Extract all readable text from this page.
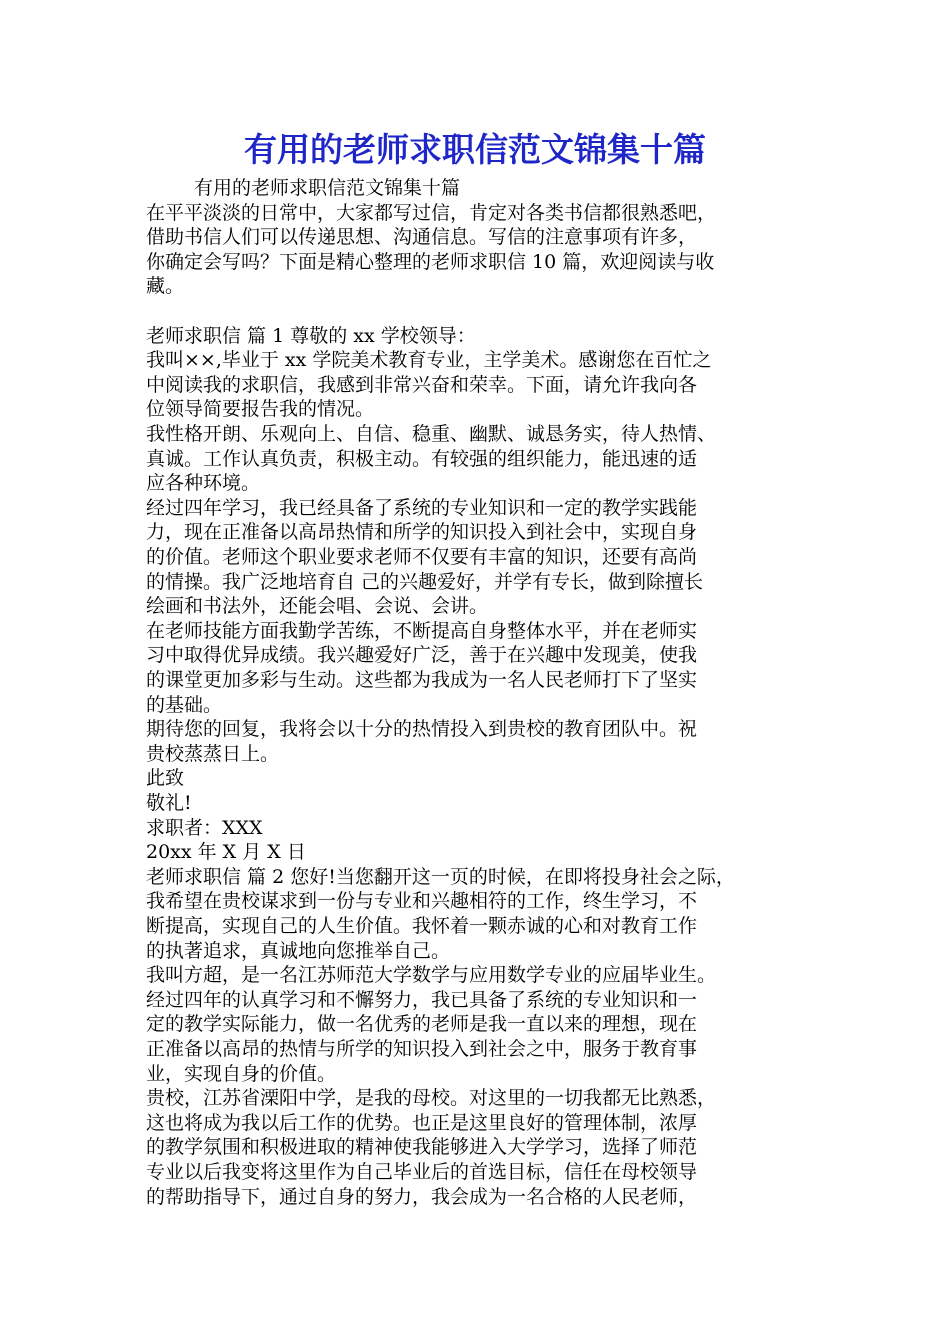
有用的老师求职信范文锦集十篇

有用的老师求职信范文锦集十篇

在平平淡淡的日常中，大家都写过信，肯定对各类书信都很熟悉吧，

借助书信人们可以传递思想、沟通信息。写信的注意事项有许多，

你确定会写吗？下面是精心整理的老师求职信 10 篇，欢迎阅读与收

藏。

老师求职信 篇 1 尊敬的 xx 学校领导：

我叫××,毕业于 xx 学院美术教育专业，主学美术。感谢您在百忙之

中阅读我的求职信，我感到非常兴奋和荣幸。下面，请允许我向各

位领导简要报告我的情况。

我性格开朗、乐观向上、自信、稳重、幽默、诚恳务实，待人热情、

真诚。工作认真负责，积极主动。有较强的组织能力，能迅速的适

应各种环境。

经过四年学习，我已经具备了系统的专业知识和一定的教学实践能

力，现在正准备以高昂热情和所学的知识投入到社会中，实现自身

的价值。老师这个职业要求老师不仅要有丰富的知识，还要有高尚

的情操。我广泛地培育自 己的兴趣爱好，并学有专长，做到除擅长

绘画和书法外，还能会唱、会说、会讲。

在老师技能方面我勤学苦练，不断提高自身整体水平，并在老师实

习中取得优异成绩。我兴趣爱好广泛，善于在兴趣中发现美，使我

的课堂更加多彩与生动。这些都为我成为一名人民老师打下了坚实

的基础。

期待您的回复，我将会以十分的热情投入到贵校的教育团队中。祝

贵校蒸蒸日上。

此致

敬礼!

求职者：XXX

20xx 年 X 月 X 日

老师求职信 篇 2 您好!当您翻开这一页的时候，在即将投身社会之际，

我希望在贵校谋求到一份与专业和兴趣相符的工作，终生学习，不

断提高，实现自己的人生价值。我怀着一颗赤诚的心和对教育工作

的执著追求，真诚地向您推举自己。

我叫方超，是一名江苏师范大学数学与应用数学专业的应届毕业生。

经过四年的认真学习和不懈努力，我已具备了系统的专业知识和一

定的教学实际能力，做一名优秀的老师是我一直以来的理想，现在

正准备以高昂的热情与所学的知识投入到社会之中，服务于教育事

业，实现自身的价值。

贵校，江苏省溧阳中学，是我的母校。对这里的一切我都无比熟悉，

这也将成为我以后工作的优势。也正是这里良好的管理体制，浓厚

的教学氛围和积极进取的精神使我能够进入大学学习，选择了师范

专业以后我变将这里作为自己毕业后的首选目标，信任在母校领导

的帮助指导下，通过自身的努力，我会成为一名合格的人民老师，
